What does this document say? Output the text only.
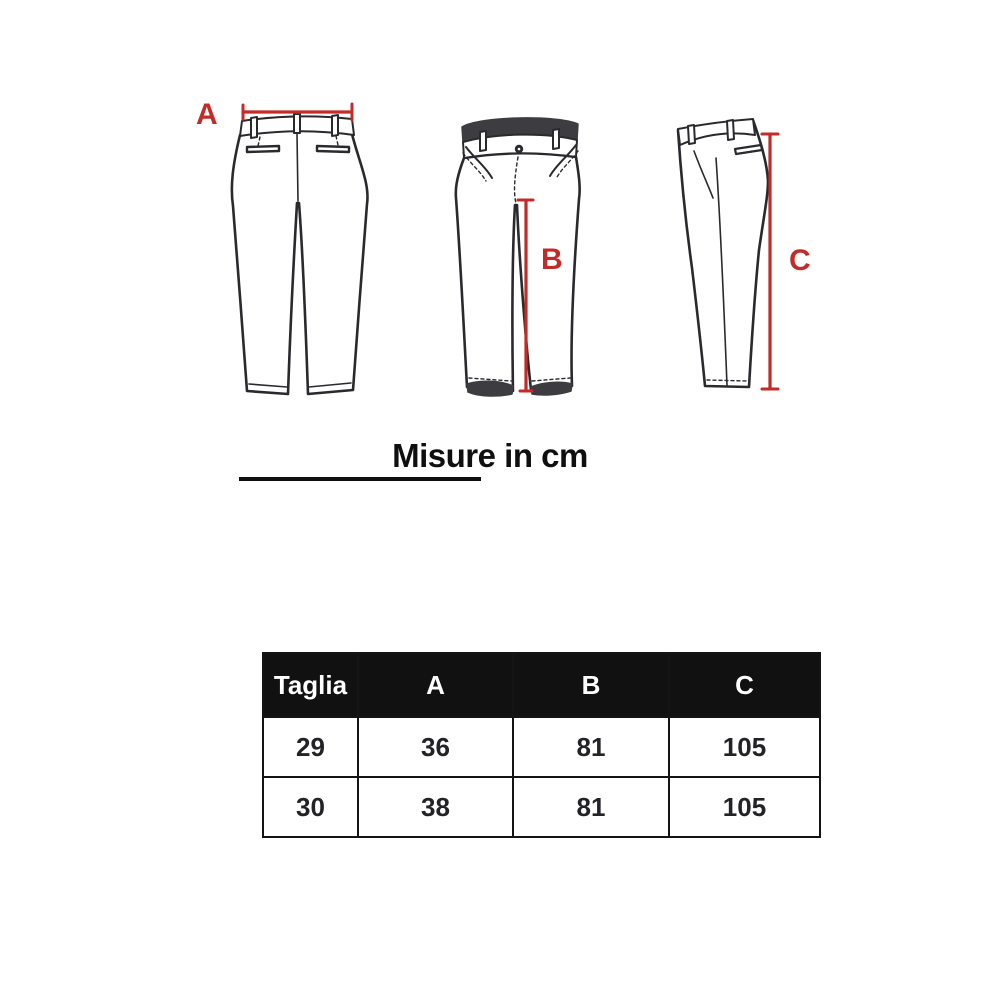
A
B	C
Misure in cm
Taglia	A	B	C
29	36	81	105
30	38	81	105
